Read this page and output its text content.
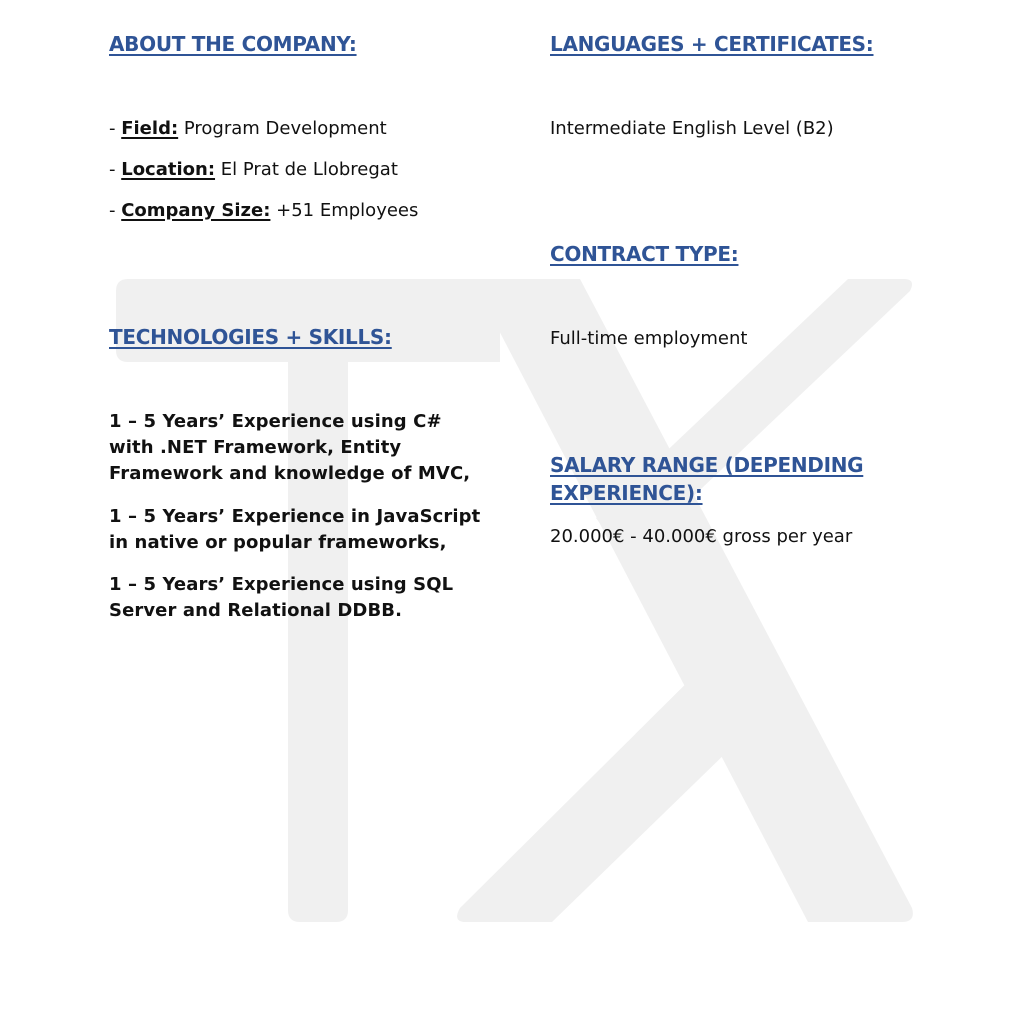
ABOUT THE COMPANY:

- Field: Program Development

- Location: El Prat de Llobregat

- Company Size: +51 Employees

TECHNOLOGIES + SKILLS:

1 – 5 Years’ Experience using C# with .NET Framework, Entity Framework and knowledge of MVC,

1 – 5 Years’ Experience in JavaScript in native or popular frameworks,

1 – 5 Years’ Experience using SQL Server and Relational DDBB.

LANGUAGES + CERTIFICATES:

Intermediate English Level (B2)

CONTRACT TYPE:

Full-time employment

SALARY RANGE (DEPENDING EXPERIENCE):

20.000€ - 40.000€ gross per year
